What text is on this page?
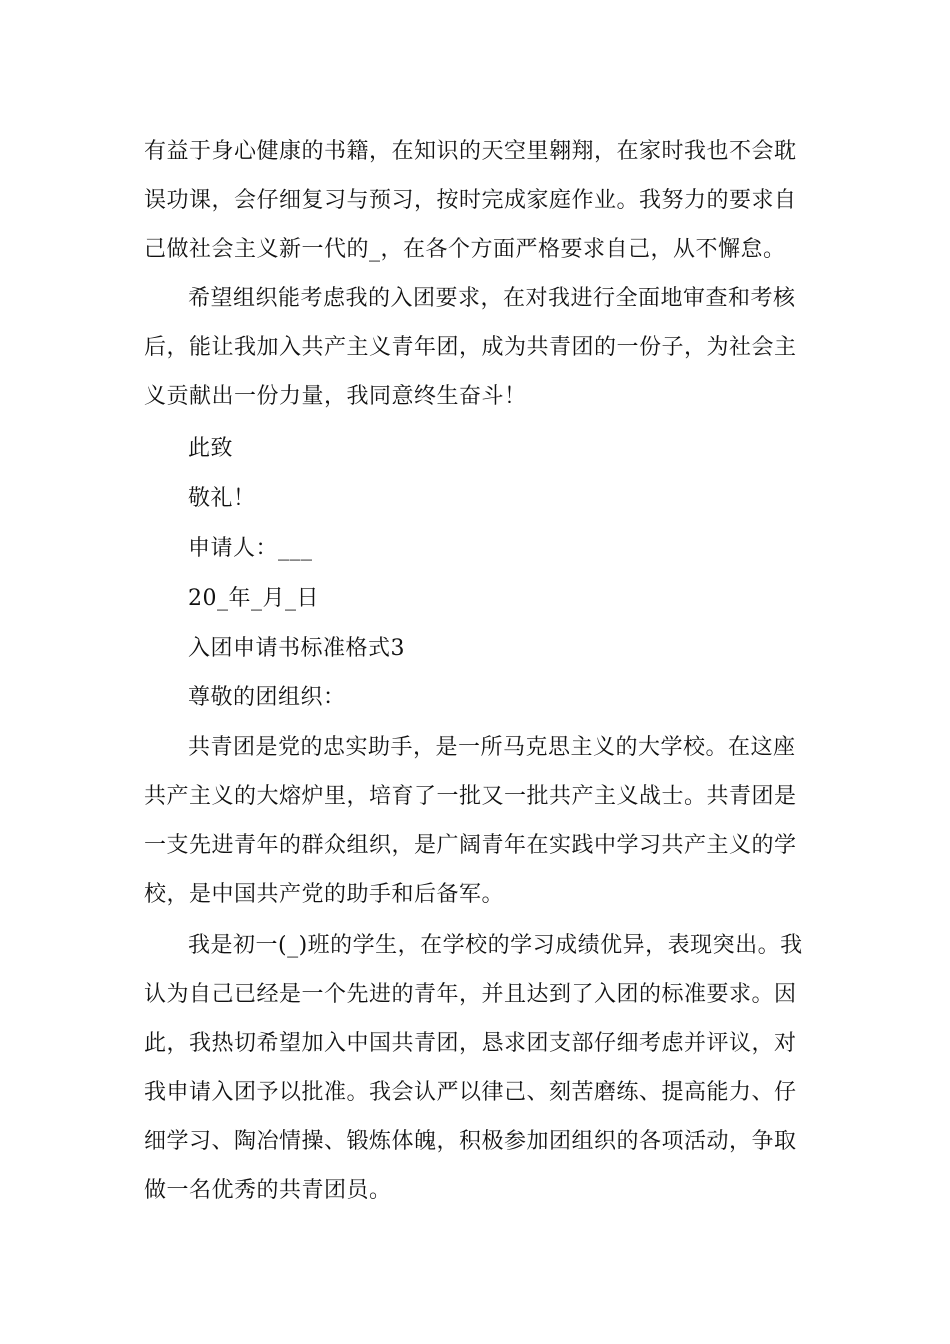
有益于身心健康的书籍，在知识的天空里翱翔，在家时我也不会耽误功课，会仔细复习与预习，按时完成家庭作业。我努力的要求自己做社会主义新一代的_，在各个方面严格要求自己，从不懈怠。

希望组织能考虑我的入团要求，在对我进行全面地审查和考核后，能让我加入共产主义青年团，成为共青团的一份子，为社会主义贡献出一份力量，我同意终生奋斗！

此致

敬礼！

申请人：___

20_年_月_日

入团申请书标准格式3

尊敬的团组织：

共青团是党的忠实助手，是一所马克思主义的大学校。在这座共产主义的大熔炉里，培育了一批又一批共产主义战士。共青团是一支先进青年的群众组织，是广阔青年在实践中学习共产主义的学校，是中国共产党的助手和后备军。

我是初一(_)班的学生，在学校的学习成绩优异，表现突出。我认为自己已经是一个先进的青年，并且达到了入团的标准要求。因此，我热切希望加入中国共青团，恳求团支部仔细考虑并评议，对我申请入团予以批准。我会认严以律己、刻苦磨练、提高能力、仔细学习、陶冶情操、锻炼体魄，积极参加团组织的各项活动，争取做一名优秀的共青团员。
